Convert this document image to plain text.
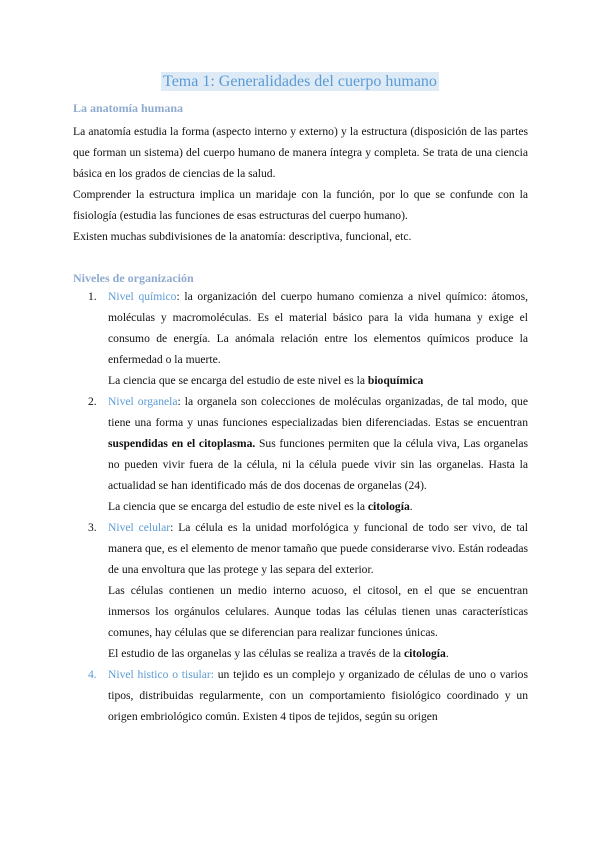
Tema 1: Generalidades del cuerpo humano
La anatomía humana

La anatomía estudia la forma (aspecto interno y externo) y la estructura (disposición de las partes que forman un sistema) del cuerpo humano de manera íntegra y completa. Se trata de una ciencia básica en los grados de ciencias de la salud.

Comprender la estructura implica un maridaje con la función, por lo que se confunde con la fisiología (estudia las funciones de esas estructuras del cuerpo humano).

Existen muchas subdivisiones de la anatomía: descriptiva, funcional, etc.

Niveles de organización
1. Nivel químico: la organización del cuerpo humano comienza a nivel químico: átomos, moléculas y macromoléculas. Es el material básico para la vida humana y exige el consumo de energía. La anómala relación entre los elementos químicos produce la enfermedad o la muerte.

La ciencia que se encarga del estudio de este nivel es la bioquímica

2. Nivel organela: la organela son colecciones de moléculas organizadas, de tal modo, que tiene una forma y unas funciones especializadas bien diferenciadas. Estas se encuentran suspendidas en el citoplasma. Sus funciones permiten que la célula viva, Las organelas no pueden vivir fuera de la célula, ni la célula puede vivir sin las organelas. Hasta la actualidad se han identificado más de dos docenas de organelas (24).

La ciencia que se encarga del estudio de este nivel es la citología.

3. Nivel celular: La célula es la unidad morfológica y funcional de todo ser vivo, de tal manera que, es el elemento de menor tamaño que puede considerarse vivo. Están rodeadas de una envoltura que las protege y las separa del exterior.

Las células contienen un medio interno acuoso, el citosol, en el que se encuentran inmersos los orgánulos celulares. Aunque todas las células tienen unas características comunes, hay células que se diferencian para realizar funciones únicas.

El estudio de las organelas y las células se realiza a través de la citología.

4. Nivel histico o tisular: un tejido es un complejo y organizado de células de uno o varios tipos, distribuidas regularmente, con un comportamiento fisiológico coordinado y un origen embriológico común. Existen 4 tipos de tejidos, según su origen
